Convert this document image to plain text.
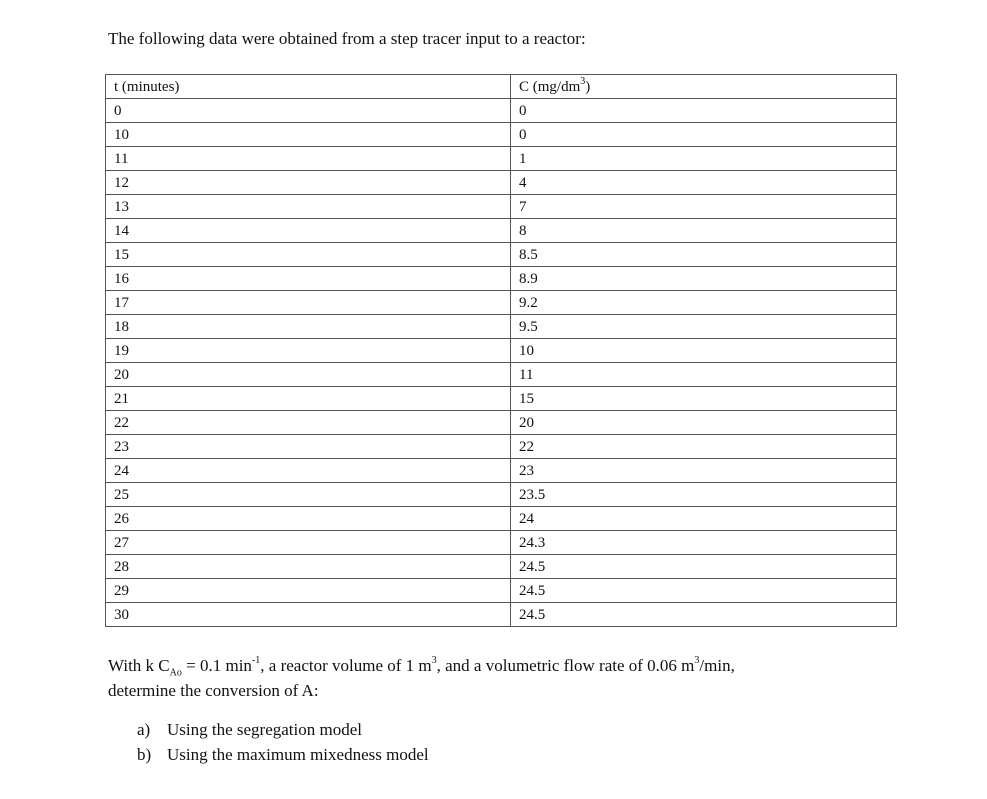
The following data were obtained from a step tracer input to a reactor:
t (minutes)	C $(mg/dm^3)$
0	0
10	0
11	1
12	4
13	7
14	8
15	8.5
16	8.9
17	9.2
18	9.5
19	10
20	11
21	15
22	20
23	22
24	23
25	23.5
26	24
27	24.3
28	24.5
29	24.5
30	24.5
With k $C_{Ao} = 0.1$ $\min^{-1}$, a reactor volume of 1 $m^3$, and a volumetric flow rate of 0.06 $m^3/\min$,
determine the conversion of A:
a) Using the segregation model
b) Using the maximum mixedness model
